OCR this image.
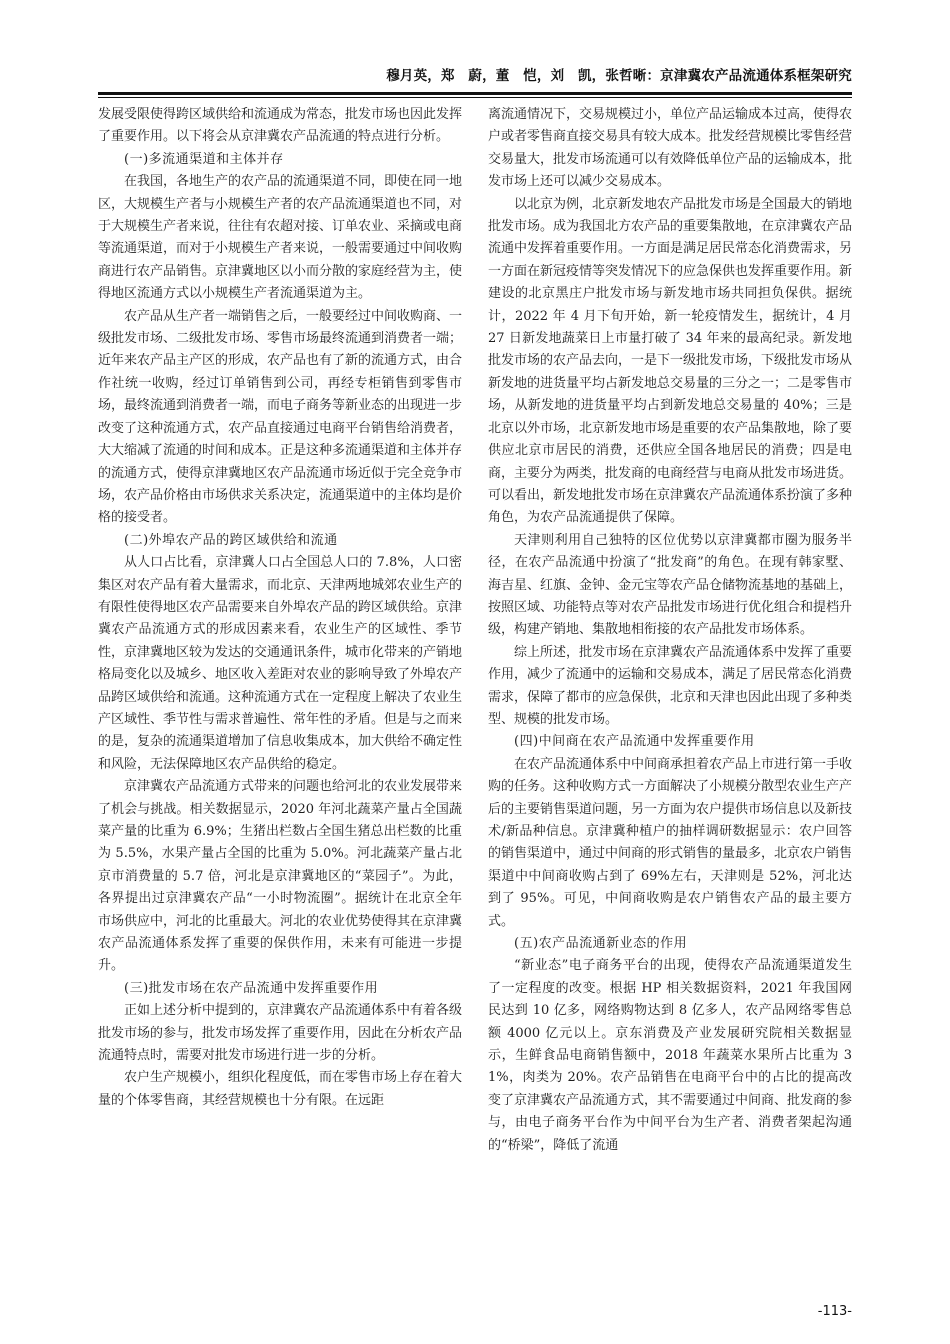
穆月英，郑　蔚，董　恺，刘　凯，张哲晰：京津冀农产品流通体系框架研究

发展受限使得跨区域供给和流通成为常态，批发市场也因此发挥了重要作用。以下将会从京津冀农产品流通的特点进行分析。

(一)多流通渠道和主体并存

在我国，各地生产的农产品的流通渠道不同，即使在同一地区，大规模生产者与小规模生产者的农产品流通渠道也不同，对于大规模生产者来说，往往有农超对接、订单农业、采摘或电商等流通渠道，而对于小规模生产者来说，一般需要通过中间收购商进行农产品销售。京津冀地区以小而分散的家庭经营为主，使得地区流通方式以小规模生产者流通渠道为主。

农产品从生产者一端销售之后，一般要经过中间收购商、一级批发市场、二级批发市场、零售市场最终流通到消费者一端；近年来农产品主产区的形成，农产品也有了新的流通方式，由合作社统一收购，经过订单销售到公司，再经专柜销售到零售市场，最终流通到消费者一端，而电子商务等新业态的出现进一步改变了这种流通方式，农产品直接通过电商平台销售给消费者，大大缩减了流通的时间和成本。正是这种多流通渠道和主体并存的流通方式，使得京津冀地区农产品流通市场近似于完全竞争市场，农产品价格由市场供求关系决定，流通渠道中的主体均是价格的接受者。

(二)外埠农产品的跨区域供给和流通

从人口占比看，京津冀人口占全国总人口的 7.8%，人口密集区对农产品有着大量需求，而北京、天津两地城郊农业生产的有限性使得地区农产品需要来自外埠农产品的跨区域供给。京津冀农产品流通方式的形成因素来看，农业生产的区域性、季节性，京津冀地区较为发达的交通通讯条件，城市化带来的产销地格局变化以及城乡、地区收入差距对农业的影响导致了外埠农产品跨区域供给和流通。这种流通方式在一定程度上解决了农业生产区域性、季节性与需求普遍性、常年性的矛盾。但是与之而来的是，复杂的流通渠道增加了信息收集成本，加大供给不确定性和风险，无法保障地区农产品供给的稳定。

京津冀农产品流通方式带来的问题也给河北的农业发展带来了机会与挑战。相关数据显示，2020 年河北蔬菜产量占全国蔬菜产量的比重为 6.9%；生猪出栏数占全国生猪总出栏数的比重为 5.5%，水果产量占全国的比重为 5.0%。河北蔬菜产量占北京市消费量的 5.7 倍，河北是京津冀地区的“菜园子”。为此，各界提出过京津冀农产品“一小时物流圈”。据统计在北京全年市场供应中，河北的比重最大。河北的农业优势使得其在京津冀农产品流通体系发挥了重要的保供作用，未来有可能进一步提升。

(三)批发市场在农产品流通中发挥重要作用

正如上述分析中提到的，京津冀农产品流通体系中有着各级批发市场的参与，批发市场发挥了重要作用，因此在分析农产品流通特点时，需要对批发市场进行进一步的分析。

农户生产规模小，组织化程度低，而在零售市场上存在着大量的个体零售商，其经营规模也十分有限。在远距

离流通情况下，交易规模过小，单位产品运输成本过高，使得农户或者零售商直接交易具有较大成本。批发经营规模比零售经营交易量大，批发市场流通可以有效降低单位产品的运输成本，批发市场上还可以减少交易成本。

以北京为例，北京新发地农产品批发市场是全国最大的销地批发市场。成为我国北方农产品的重要集散地，在京津冀农产品流通中发挥着重要作用。一方面是满足居民常态化消费需求，另一方面在新冠疫情等突发情况下的应急保供也发挥重要作用。新建设的北京黑庄户批发市场与新发地市场共同担负保供。据统计，2022 年 4 月下旬开始，新一轮疫情发生，据统计，4 月 27 日新发地蔬菜日上市量打破了 34 年来的最高纪录。新发地批发市场的农产品去向，一是下一级批发市场，下级批发市场从新发地的进货量平均占新发地总交易量的三分之一；二是零售市场，从新发地的进货量平均占到新发地总交易量的 40%；三是北京以外市场，北京新发地市场是重要的农产品集散地，除了要供应北京市居民的消费，还供应全国各地居民的消费；四是电商，主要分为两类，批发商的电商经营与电商从批发市场进货。可以看出，新发地批发市场在京津冀农产品流通体系扮演了多种角色，为农产品流通提供了保障。

天津则利用自己独特的区位优势以京津冀都市圈为服务半径，在农产品流通中扮演了“批发商”的角色。在现有韩家墅、海吉星、红旗、金钟、金元宝等农产品仓储物流基地的基础上，按照区域、功能特点等对农产品批发市场进行优化组合和提档升级，构建产销地、集散地相衔接的农产品批发市场体系。

综上所述，批发市场在京津冀农产品流通体系中发挥了重要作用，减少了流通中的运输和交易成本，满足了居民常态化消费需求，保障了都市的应急保供，北京和天津也因此出现了多种类型、规模的批发市场。

(四)中间商在农产品流通中发挥重要作用

在农产品流通体系中中间商承担着农产品上市进行第一手收购的任务。这种收购方式一方面解决了小规模分散型农业生产产后的主要销售渠道问题，另一方面为农户提供市场信息以及新技术/新品种信息。京津冀种植户的抽样调研数据显示：农户回答的销售渠道中，通过中间商的形式销售的量最多，北京农户销售渠道中中间商收购占到了 69%左右，天津则是 52%，河北达到了 95%。可见，中间商收购是农户销售农产品的最主要方式。

(五)农产品流通新业态的作用

“新业态”电子商务平台的出现，使得农产品流通渠道发生了一定程度的改变。根据 HP 相关数据资料，2021 年我国网民达到 10 亿多，网络购物达到 8 亿多人，农产品网络零售总额 4000 亿元以上。京东消费及产业发展研究院相关数据显示，生鲜食品电商销售额中，2018 年蔬菜水果所占比重为 31%，肉类为 20%。农产品销售在电商平台中的占比的提高改变了京津冀农产品流通方式，其不需要通过中间商、批发商的参与，由电子商务平台作为中间平台为生产者、消费者架起沟通的“桥梁”，降低了流通

-113-
